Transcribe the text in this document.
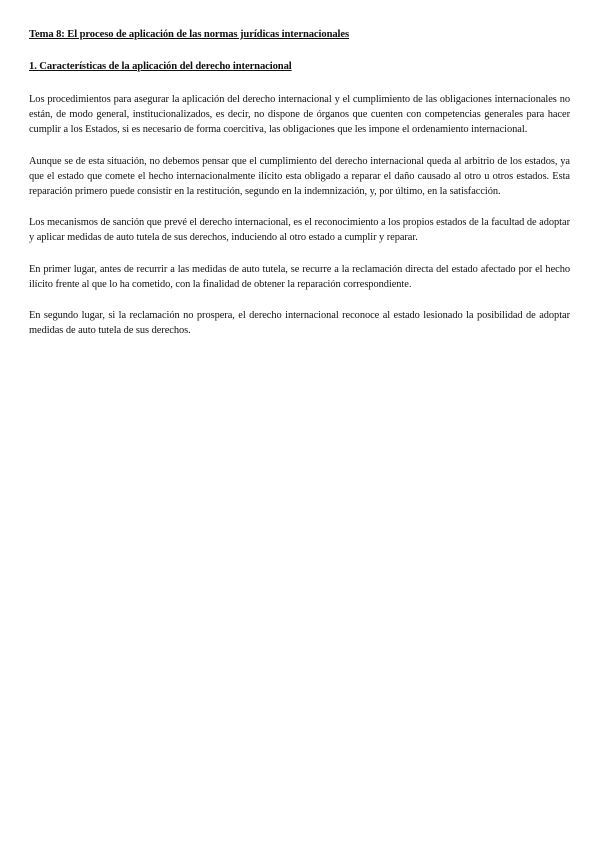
Tema 8: El proceso de aplicación de las normas jurídicas internacionales

1. Características de la aplicación del derecho internacional

Los procedimientos para asegurar la aplicación del derecho internacional y el cumplimiento de las obligaciones internacionales no están, de modo general, institucionalizados, es decir, no dispone de órganos que cuenten con competencias generales para hacer cumplir a los Estados, si es necesario de forma coercitiva, las obligaciones que les impone el ordenamiento internacional.

Aunque se de esta situación, no debemos pensar que el cumplimiento del derecho internacional queda al arbitrio de los estados, ya que el estado que comete el hecho internacionalmente ilícito esta obligado a reparar el daño causado al otro u otros estados. Esta reparación primero puede consistir en la restitución, segundo en la indemnización, y, por último, en la satisfacción.

Los mecanismos de sanción que prevé el derecho internacional, es el reconocimiento a los propios estados de la facultad de adoptar y aplicar medidas de auto tutela de sus derechos, induciendo al otro estado a cumplir y reparar.

En primer lugar, antes de recurrir a las medidas de auto tutela, se recurre a la reclamación directa del estado afectado por el hecho ilícito frente al que lo ha cometido, con la finalidad de obtener la reparación correspondiente.

En segundo lugar, si la reclamación no prospera, el derecho internacional reconoce al estado lesionado la posibilidad de adoptar medidas de auto tutela de sus derechos.
